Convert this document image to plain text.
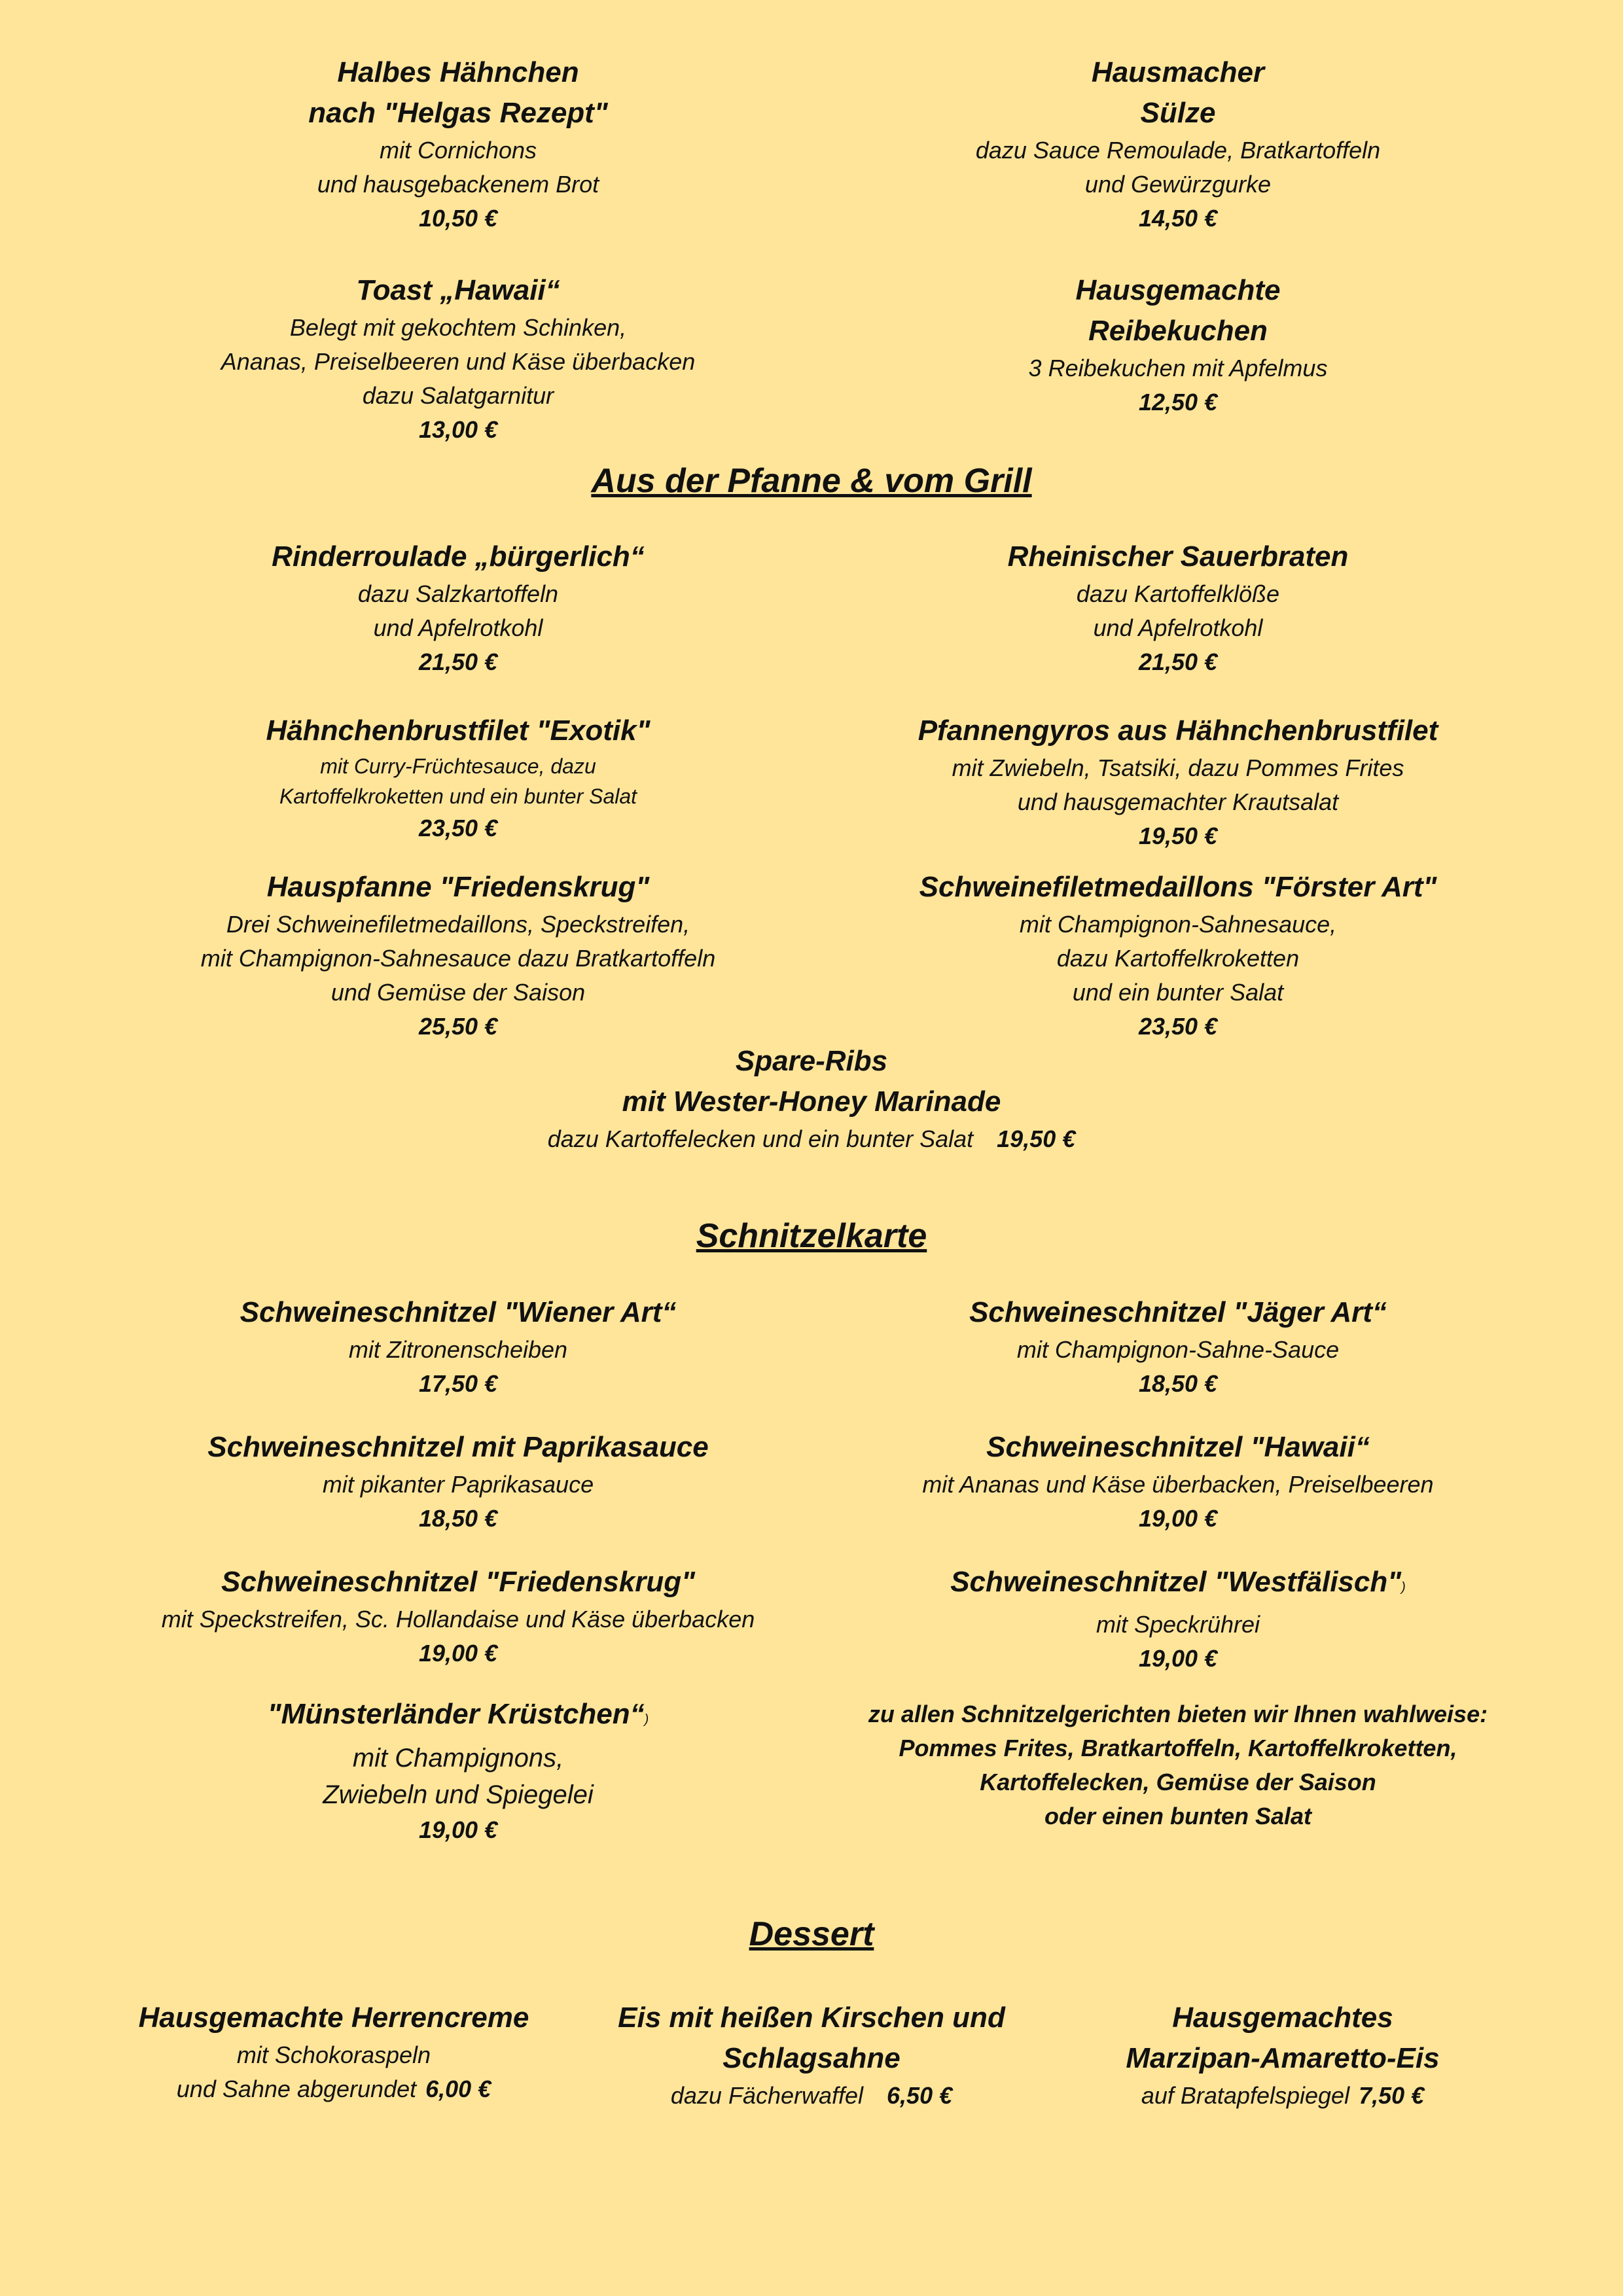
Halbes Hähnchen
nach "Helgas Rezept"
mit Cornichons
und hausgebackenem Brot
10,50 €
Hausmacher
Sülze
dazu Sauce Remoulade, Bratkartoffeln
und Gewürzgurke
14,50 €
Toast „Hawaii“
Belegt mit gekochtem Schinken,
Ananas, Preiselbeeren und Käse überbacken
dazu Salatgarnitur
13,00 €
Hausgemachte
Reibekuchen
3 Reibekuchen mit Apfelmus
12,50 €
Aus der Pfanne & vom Grill
Rinderroulade „bürgerlich“
dazu Salzkartoffeln
und Apfelrotkohl
21,50 €
Rheinischer Sauerbraten
dazu Kartoffelklöße
und Apfelrotkohl
21,50 €
Hähnchenbrustfilet "Exotik"
mit Curry-Früchtesauce, dazu
Kartoffelkroketten und ein bunter Salat
23,50 €
Pfannengyros aus Hähnchenbrustfilet
mit Zwiebeln, Tsatsiki, dazu Pommes Frites
und hausgemachter Krautsalat
19,50 €
Hauspfanne "Friedenskrug"
Drei Schweinefiletmedaillons, Speckstreifen,
mit Champignon-Sahnesauce dazu Bratkartoffeln
und Gemüse der Saison
25,50 €
Schweinefiletmedaillons "Förster Art"
mit Champignon-Sahnesauce,
dazu Kartoffelkroketten
und ein bunter Salat
23,50 €
Spare-Ribs
mit Wester-Honey Marinade
dazu Kartoffelecken und ein bunter Salat 19,50 €
Schnitzelkarte
Schweineschnitzel "Wiener Art“
mit Zitronenscheiben
17,50 €
Schweineschnitzel "Jäger Art“
mit Champignon-Sahne-Sauce
18,50 €
Schweineschnitzel mit Paprikasauce
mit pikanter Paprikasauce
18,50 €
Schweineschnitzel "Hawaii“
mit Ananas und Käse überbacken, Preiselbeeren
19,00 €
Schweineschnitzel "Friedenskrug"
mit Speckstreifen, Sc. Hollandaise und Käse überbacken
19,00 €
Schweineschnitzel "Westfälisch")
mit Speckrühre​i
19,00 €
"Münsterländer Krüstchen“)
mit Champignons,
Zwiebeln und Spiegelei
19,00 €
zu allen Schnitzelgerichten bieten wir Ihnen wahlweise:
Pommes Frites, Bratkartoffeln, Kartoffelkroketten,
Kartoffelecken, Gemüse der Saison
oder einen bunten Salat
Dessert
Hausgemachte Herrencreme
mit Schokoraspeln
und Sahne abgerundet 6,00 €
Eis mit heißen Kirschen und
Schlagsahne
dazu Fächerwaffel 6,50 €
Hausgemachtes
Marzipan-Amaretto-Eis
auf Bratapfelspiegel 7,50 €
